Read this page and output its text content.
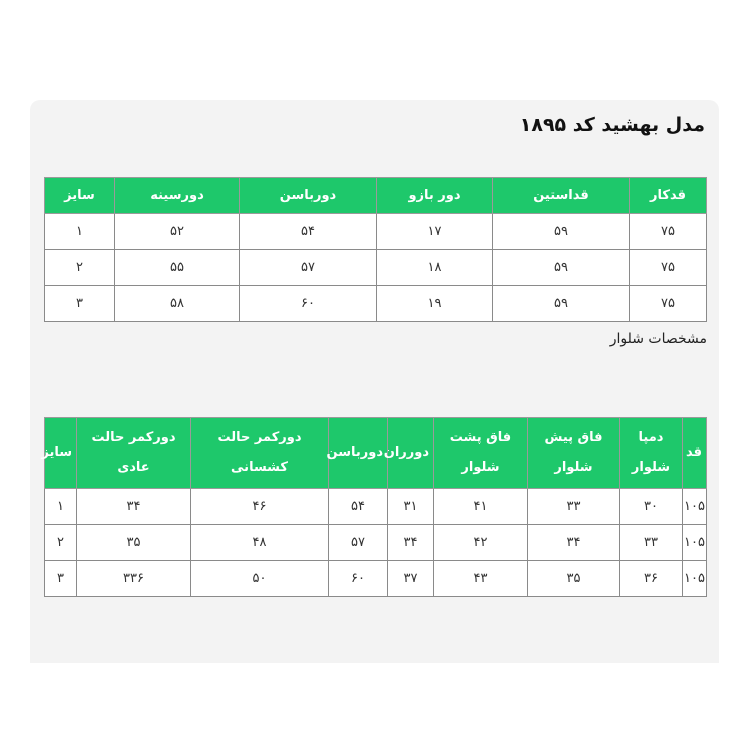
مدل بهشید کد ۱۸۹۵
قدکار	قداستین	دور بازو	دورباسن	دورسینه	سایز
۷۵	۵۹	۱۷	۵۴	۵۲	۱
۷۵	۵۹	۱۸	۵۷	۵۵	۲
۷۵	۵۹	۱۹	۶۰	۵۸	۳
مشخصات شلوار
قد	دمپا شلوار	فاق پیش شلوار	فاق پشت شلوار	دورران	دورباسن	دورکمر حالت کشسانی	دورکمر حالت عادی	سایز
۱۰۵	۳۰	۳۳	۴۱	۳۱	۵۴	۴۶	۳۴	۱
۱۰۵	۳۳	۳۴	۴۲	۳۴	۵۷	۴۸	۳۵	۲
۱۰۵	۳۶	۳۵	۴۳	۳۷	۶۰	۵۰	۳۳۶	۳
